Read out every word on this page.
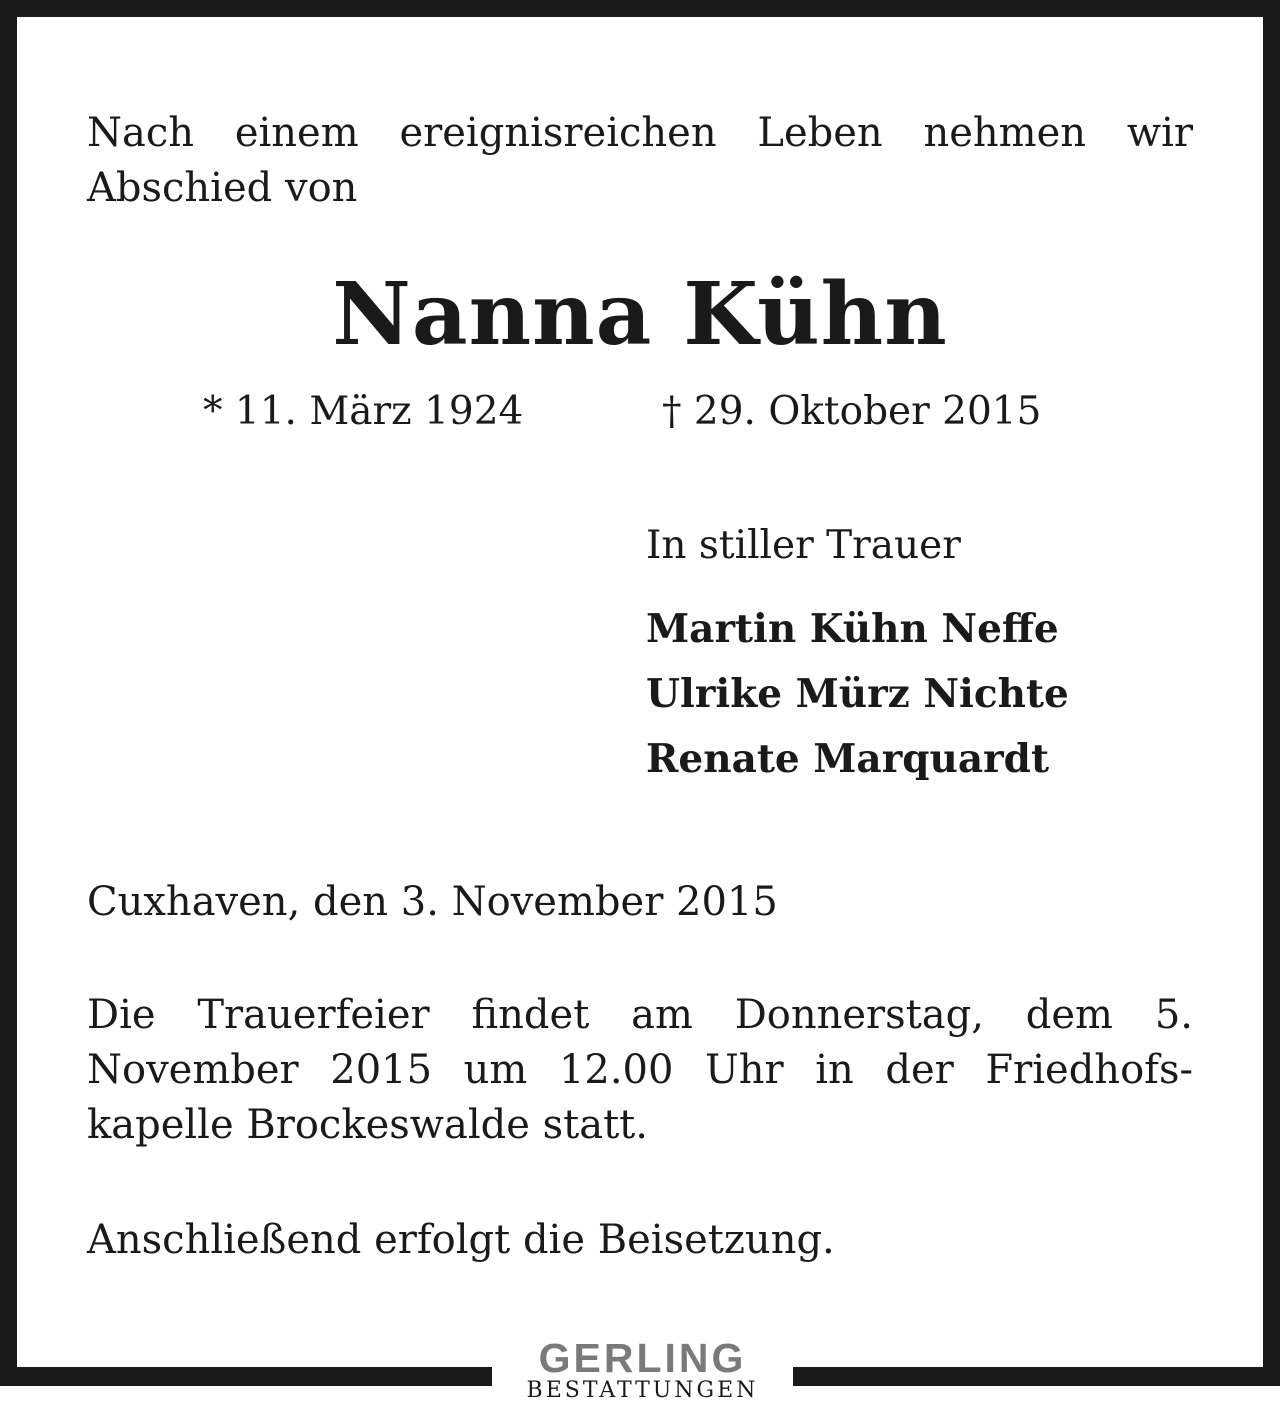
Nach einem ereignisreichen Leben nehmen wir Abschied von

Nanna Kühn

* 11. März 1924	† 29. Oktober 2015

In stiller Trauer

Martin Kühn Neffe

Ulrike Mürz Nichte

Renate Marquardt

Cuxhaven, den 3. November 2015

Die Trauerfeier findet am Donnerstag, dem 5. November 2015 um 12.00 Uhr in der Friedhofskapelle Brockeswalde statt.

Anschließend erfolgt die Beisetzung.

GERLING

BESTATTUNGEN
